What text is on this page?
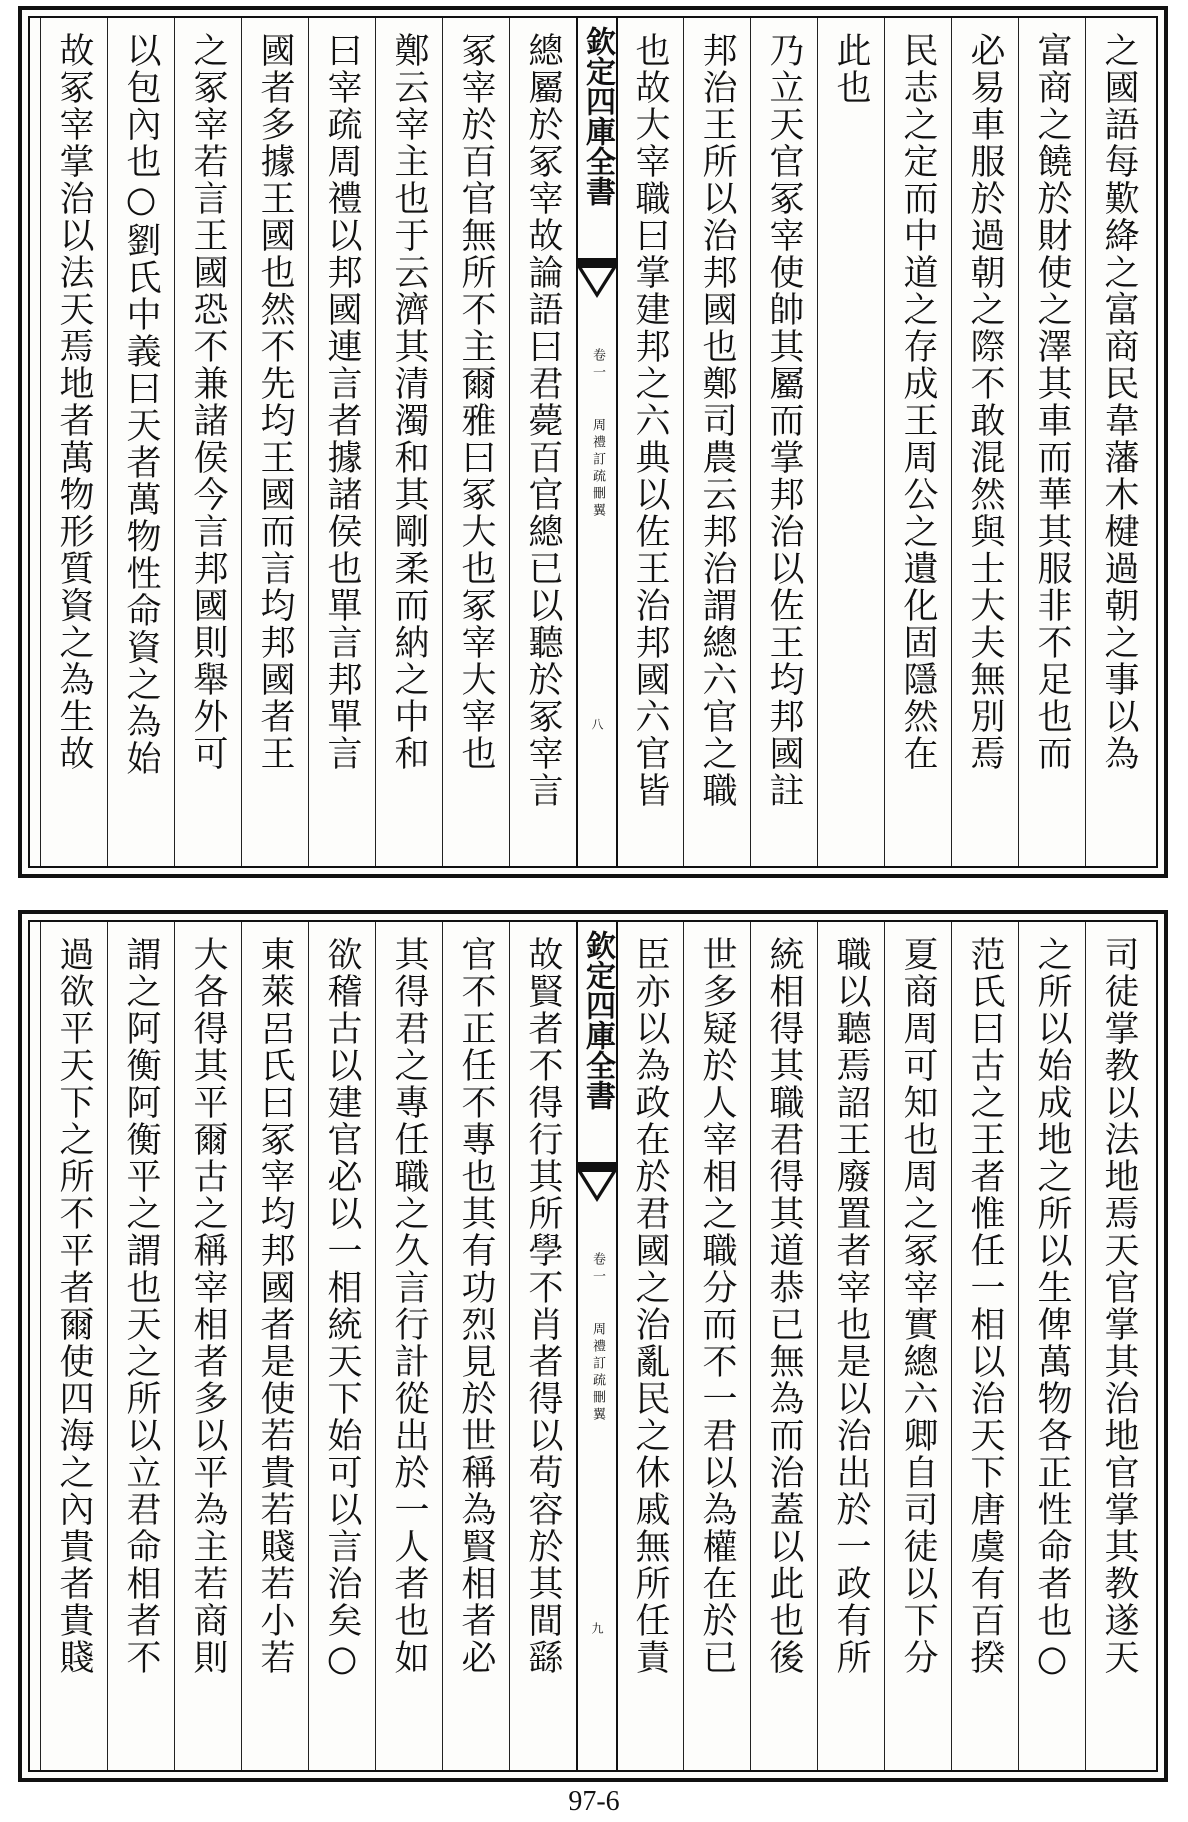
之國語每歎絳之富商民韋藩木楗過朝之事以為
富商之饒於財使之澤其車而華其服非不足也而
必易車服於過朝之際不敢混然與士大夫無別焉
民志之定而中道之存成王周公之遺化固隱然在
此也
乃立天官冢宰使帥其屬而掌邦治以佐王均邦國註
邦治王所以治邦國也鄭司農云邦治謂總六官之職
也故大宰職曰掌建邦之六典以佐王治邦國六官皆
欽定四庫全書
周禮訂疏刪翼
卷一
八
總屬於冢宰故論語曰君薨百官總已以聽於冢宰言
冢宰於百官無所不主爾雅曰冢大也冢宰大宰也
鄭云宰主也于云濟其清濁和其剛柔而納之中和
曰宰疏周禮以邦國連言者據諸侯也單言邦單言
國者多據王國也然不先均王國而言均邦國者王
之冢宰若言王國恐不兼諸侯今言邦國則舉外可
以包內也○劉氏中義曰天者萬物性命資之為始
故冢宰掌治以法天焉地者萬物形質資之為生故
司徒掌教以法地焉天官掌其治地官掌其教遂天
之所以始成地之所以生俾萬物各正性命者也○
范氏曰古之王者惟任一相以治天下唐虞有百揆
夏商周可知也周之冢宰實總六卿自司徒以下分
職以聽焉詔王廢置者宰也是以治出於一政有所
統相得其職君得其道恭已無為而治蓋以此也後
世多疑於人宰相之職分而不一君以為權在於已
臣亦以為政在於君國之治亂民之休戚無所任責
欽定四庫全書
周禮訂疏刪翼
卷一
九
故賢者不得行其所學不肖者得以苟容於其間繇
官不正任不專也其有功烈見於世稱為賢相者必
其得君之專任職之久言行計從出於一人者也如
欲稽古以建官必以一相統天下始可以言治矣○
東萊呂氏曰冢宰均邦國者是使若貴若賤若小若
大各得其平爾古之稱宰相者多以平為主若商則
謂之阿衡阿衡平之謂也天之所以立君命相者不
過欲平天下之所不平者爾使四海之內貴者貴賤
97-6
